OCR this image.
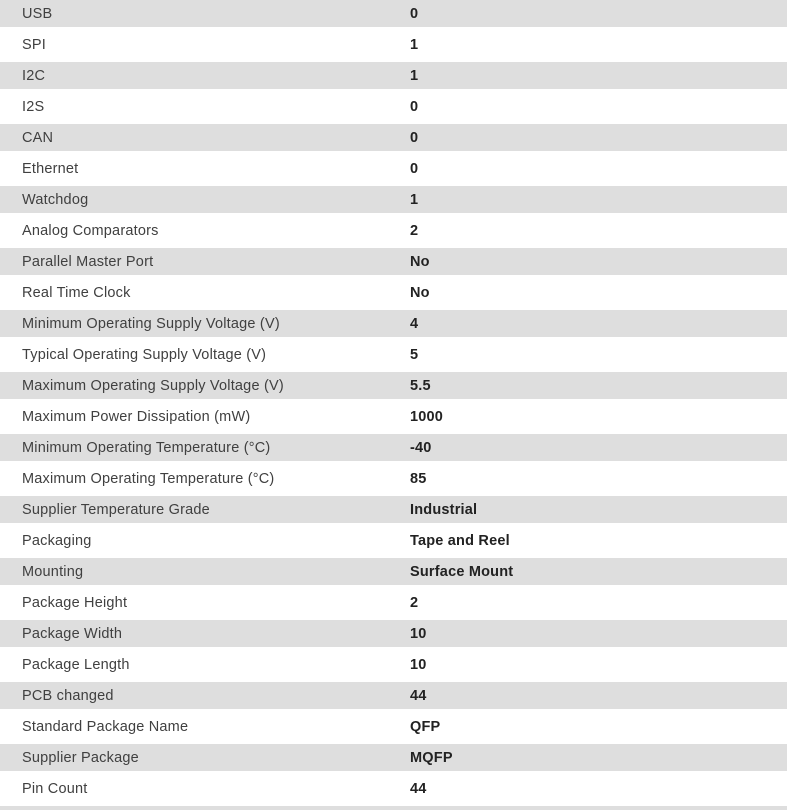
USB	0
SPI	1
I2C	1
I2S	0
CAN	0
Ethernet	0
Watchdog	1
Analog Comparators	2
Parallel Master Port	No
Real Time Clock	No
Minimum Operating Supply Voltage (V)	4
Typical Operating Supply Voltage (V)	5
Maximum Operating Supply Voltage (V)	5.5
Maximum Power Dissipation (mW)	1000
Minimum Operating Temperature (°C)	-40
Maximum Operating Temperature (°C)	85
Supplier Temperature Grade	Industrial
Packaging	Tape and Reel
Mounting	Surface Mount
Package Height	2
Package Width	10
Package Length	10
PCB changed	44
Standard Package Name	QFP
Supplier Package	MQFP
Pin Count	44
